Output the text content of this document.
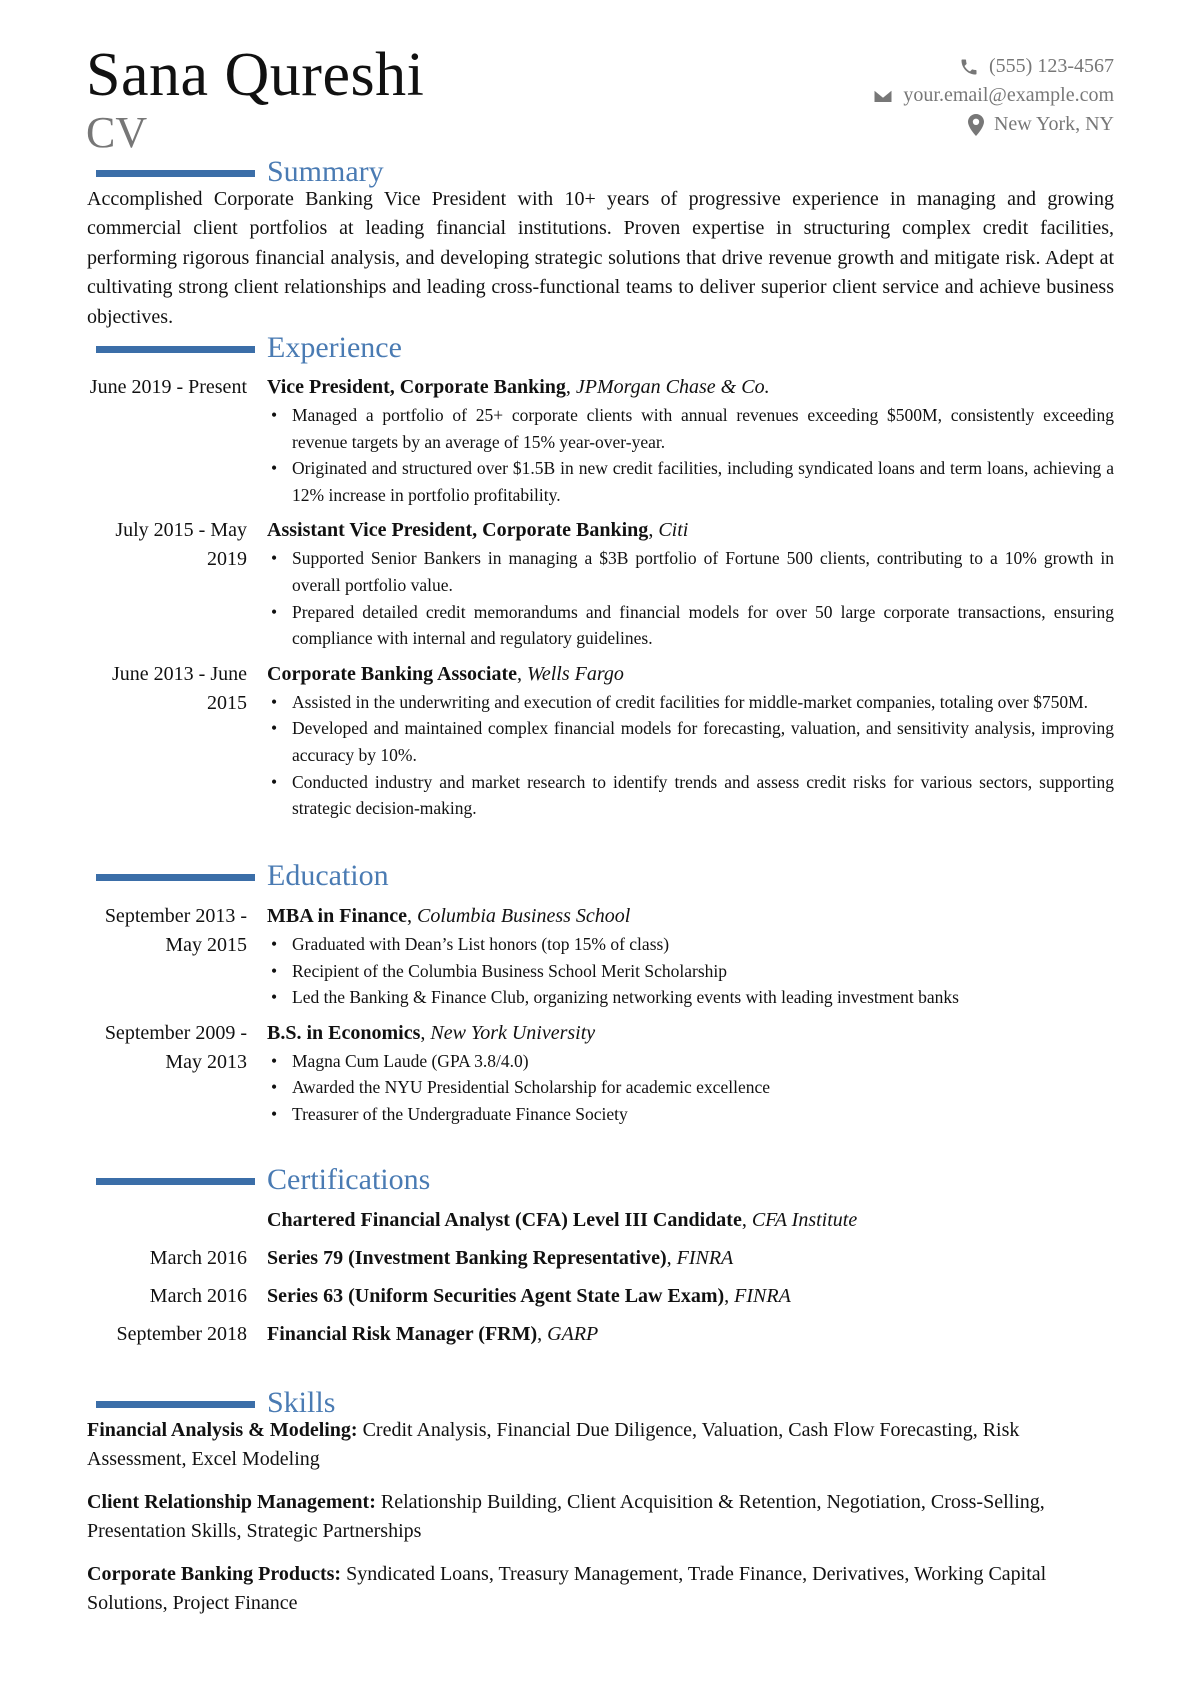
Sana Qureshi
CV
(555) 123-4567
your.email@example.com
New York, NY
Summary
Accomplished Corporate Banking Vice President with 10+ years of progressive experience in managing and growing commercial client portfolios at leading financial institutions. Proven expertise in structuring complex credit facilities, performing rigorous financial analysis, and developing strategic solutions that drive revenue growth and mitigate risk. Adept at cultivating strong client relationships and leading cross-functional teams to deliver superior client service and achieve business objectives.
Experience
June 2019 - Present Vice President, Corporate Banking, JPMorgan Chase & Co.
• Managed a portfolio of 25+ corporate clients with annual revenues exceeding $500M, consistently exceeding revenue targets by an average of 15% year-over-year.
• Originated and structured over $1.5B in new credit facilities, including syndicated loans and term loans, achieving a 12% increase in portfolio profitability.
July 2015 - May 2019
Assistant Vice President, Corporate Banking, Citi
• Supported Senior Bankers in managing a $3B portfolio of Fortune 500 clients, contributing to a 10% growth in overall portfolio value.
• Prepared detailed credit memorandums and financial models for over 50 large corporate transactions, ensuring compliance with internal and regulatory guidelines.
June 2013 - June 2015
Corporate Banking Associate, Wells Fargo
• Assisted in the underwriting and execution of credit facilities for middle-market companies, totaling over $750M.
• Developed and maintained complex financial models for forecasting, valuation, and sensitivity analysis, improving accuracy by 10%.
• Conducted industry and market research to identify trends and assess credit risks for various sectors, supporting strategic decision-making.
Education
September 2013 - May 2015
MBA in Finance, Columbia Business School
• Graduated with Dean’s List honors (top 15% of class)
• Recipient of the Columbia Business School Merit Scholarship
• Led the Banking & Finance Club, organizing networking events with leading investment banks
September 2009 - May 2013
B.S. in Economics, New York University
• Magna Cum Laude (GPA 3.8/4.0)
• Awarded the NYU Presidential Scholarship for academic excellence
• Treasurer of the Undergraduate Finance Society
Certifications
Chartered Financial Analyst (CFA) Level III Candidate, CFA Institute
March 2016 Series 79 (Investment Banking Representative), FINRA
March 2016 Series 63 (Uniform Securities Agent State Law Exam), FINRA
September 2018 Financial Risk Manager (FRM), GARP
Skills
Financial Analysis & Modeling: Credit Analysis, Financial Due Diligence, Valuation, Cash Flow Forecasting, Risk Assessment, Excel Modeling
Client Relationship Management: Relationship Building, Client Acquisition & Retention, Negotiation, Cross-Selling, Presentation Skills, Strategic Partnerships
Corporate Banking Products: Syndicated Loans, Treasury Management, Trade Finance, Derivatives, Working Capital Solutions, Project Finance
